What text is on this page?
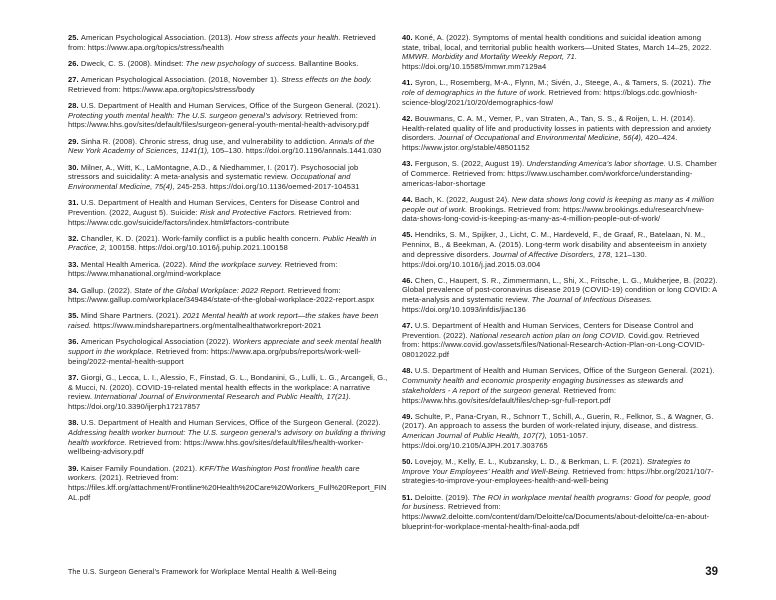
25. American Psychological Association. (2013). How stress affects your health. Retrieved from: https://www.apa.org/topics/stress/health

26. Dweck, C. S. (2008). Mindset: The new psychology of success. Ballantine Books.

27. American Psychological Association. (2018, November 1). Stress effects on the body. Retrieved from: https://www.apa.org/topics/stress/body

28. U.S. Department of Health and Human Services, Office of the Surgeon General. (2021). Protecting youth mental health: The U.S. surgeon general’s advisory. Retrieved from: https://www.hhs.gov/sites/default/files/surgeon-general-youth-mental-health-advisory.pdf

29. Sinha R. (2008). Chronic stress, drug use, and vulnerability to addiction. Annals of the New York Academy of Sciences, 1141(1), 105–130. https://doi.org/10.1196/annals.1441.030

30. Milner, A., Witt, K., LaMontagne, A.D., & Niedhammer, I. (2017). Psychosocial job stressors and suicidality: A meta-analysis and systematic review. Occupational and Environmental Medicine, 75(4), 245-253. https://doi.org/10.1136/oemed-2017-104531

31. U.S. Department of Health and Human Services, Centers for Disease Control and Prevention. (2022, August 5). Suicide: Risk and Protective Factors. Retrieved from: https://www.cdc.gov/suicide/factors/index.html#factors-contribute

32. Chandler, K. D. (2021). Work-family conflict is a public health concern. Public Health in Practice, 2, 100158. https://doi.org/10.1016/j.puhip.2021.100158

33. Mental Health America. (2022). Mind the workplace survey. Retrieved from: https://www.mhanational.org/mind-workplace

34. Gallup. (2022). State of the Global Workplace: 2022 Report. Retrieved from: https://www.gallup.com/workplace/349484/state-of-the-global-workplace-2022-report.aspx

35. Mind Share Partners. (2021). 2021 Mental health at work report—the stakes have been raised. https://www.mindsharepartners.org/mentalhealthatworkreport-2021

36. American Psychological Association (2022). Workers appreciate and seek mental health support in the workplace. Retrieved from: https://www.apa.org/pubs/reports/work-well-being/2022-mental-health-support

37. Giorgi, G., Lecca, L. I., Alessio, F., Finstad, G. L., Bondanini, G., Lulli, L. G., Arcangeli, G., & Mucci, N. (2020). COVID-19-related mental health effects in the workplace: A narrative review. International Journal of Environmental Research and Public Health, 17(21). https://doi.org/10.3390/ijerph17217857

38. U.S. Department of Health and Human Services, Office of the Surgeon General. (2022). Addressing health worker burnout: The U.S. surgeon general’s advisory on building a thriving health workforce. Retrieved from: https://www.hhs.gov/sites/default/files/health-worker-wellbeing-advisory.pdf

39. Kaiser Family Foundation. (2021). KFF/The Washington Post frontline health care workers. (2021). Retrieved from: https://files.kff.org/attachment/Frontline%20Health%20Care%20Workers_Full%20Report_FINAL.pdf

40. Koné, A. (2022). Symptoms of mental health conditions and suicidal ideation among state, tribal, local, and territorial public health workers—United States, March 14–25, 2022. MMWR. Morbidity and Mortality Weekly Report, 71. https://doi.org/10.15585/mmwr.mm7129a4

41. Syron, L., Rosemberg, M-A., Flynn, M.; Sivén, J., Steege, A., & Tamers, S. (2021). The role of demographics in the future of work. Retrieved from: https://blogs.cdc.gov/niosh-science-blog/2021/10/20/demographics-fow/

42. Bouwmans, C. A. M., Vemer, P., van Straten, A., Tan, S. S., & Roijen, L. H. (2014). Health-related quality of life and productivity losses in patients with depression and anxiety disorders. Journal of Occupational and Environmental Medicine, 56(4), 420–424. https://www.jstor.org/stable/48501152

43. Ferguson, S. (2022, August 19). Understanding America’s labor shortage. U.S. Chamber of Commerce. Retrieved from: https://www.uschamber.com/workforce/understanding-americas-labor-shortage

44. Bach, K. (2022, August 24). New data shows long covid is keeping as many as 4 million people out of work. Brookings. Retrieved from: https://www.brookings.edu/research/new-data-shows-long-covid-is-keeping-as-many-as-4-million-people-out-of-work/

45. Hendriks, S. M., Spijker, J., Licht, C. M., Hardeveld, F., de Graaf, R., Batelaan, N. M., Penninx, B., & Beekman, A. (2015). Long-term work disability and absenteeism in anxiety and depressive disorders. Journal of Affective Disorders, 178, 121–130. https://doi.org/10.1016/j.jad.2015.03.004

46. Chen, C., Haupert, S. R., Zimmermann, L., Shi, X., Fritsche, L. G., Mukherjee, B. (2022). Global prevalence of post-coronavirus disease 2019 (COVID-19) condition or long COVID: A meta-analysis and systematic review. The Journal of Infectious Diseases. https://doi.org/10.1093/infdis/jiac136

47. U.S. Department of Health and Human Services, Centers for Disease Control and Prevention. (2022). National research action plan on long COVID. Covid.gov. Retrieved from: https://www.covid.gov/assets/files/National-Research-Action-Plan-on-Long-COVID-08012022.pdf

48. U.S. Department of Health and Human Services, Office of the Surgeon General. (2021). Community health and economic prosperity engaging businesses as stewards and stakeholders - A report of the surgeon general. Retrieved from: https://www.hhs.gov/sites/default/files/chep-sgr-full-report.pdf

49. Schulte, P., Pana-Cryan, R., Schnorr T., Schill, A., Guerin, R., Felknor, S., & Wagner, G. (2017). An approach to assess the burden of work-related injury, disease, and distress. American Journal of Public Health, 107(7), 1051-1057. https://doi.org/10.2105/AJPH.2017.303765

50. Lovejoy, M., Kelly, E. L., Kubzansky, L. D., & Berkman, L. F. (2021). Strategies to Improve Your Employees’ Health and Well-Being. Retrieved from: https://hbr.org/2021/10/7-strategies-to-improve-your-employees-health-and-well-being

51. Deloitte. (2019). The ROI in workplace mental health programs: Good for people, good for business. Retrieved from: https://www2.deloitte.com/content/dam/Deloitte/ca/Documents/about-deloitte/ca-en-about-blueprint-for-workplace-mental-health-final-aoda.pdf

The U.S. Surgeon General’s Framework for Workplace Mental Health & Well-Being	39
